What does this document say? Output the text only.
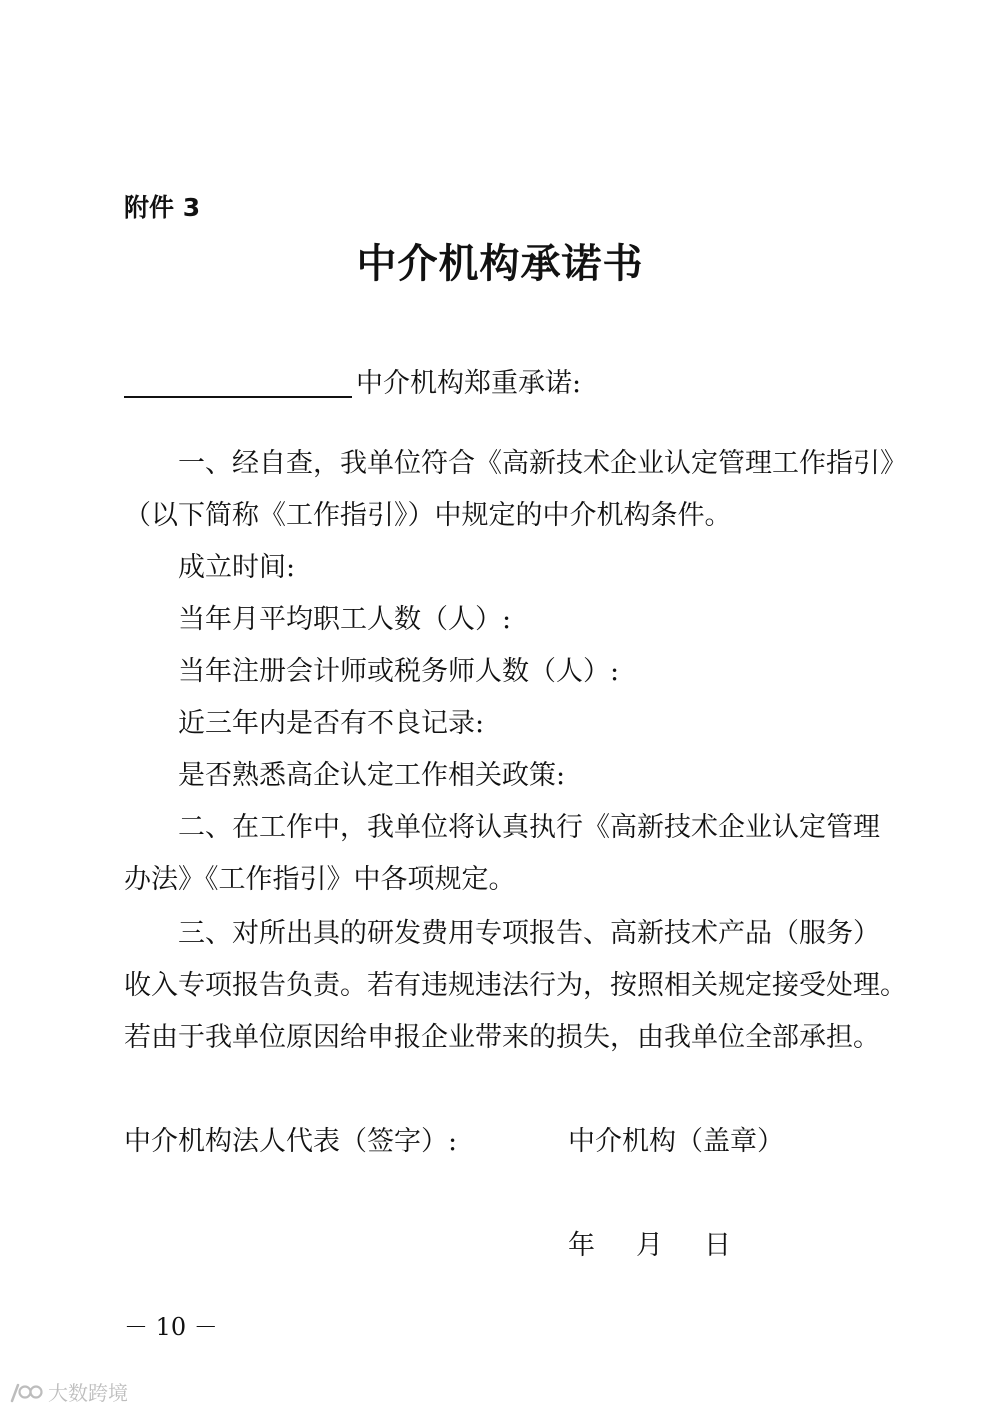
附件 3
中介机构承诺书
中介机构郑重承诺:
一、经自查，我单位符合《高新技术企业认定管理工作指引》
（以下简称《工作指引》）中规定的中介机构条件。
成立时间:
当年月平均职工人数（人）:
当年注册会计师或税务师人数（人）:
近三年内是否有不良记录:
是否熟悉高企认定工作相关政策:
二、在工作中，我单位将认真执行《高新技术企业认定管理
办法》《工作指引》中各项规定。
三、对所出具的研发费用专项报告、高新技术产品（服务）
收入专项报告负责。若有违规违法行为，按照相关规定接受处理。
若由于我单位原因给申报企业带来的损失，由我单位全部承担。
中介机构法人代表（签字）:	中介机构（盖章）
年 月 日
－ 10 －
大数跨境
